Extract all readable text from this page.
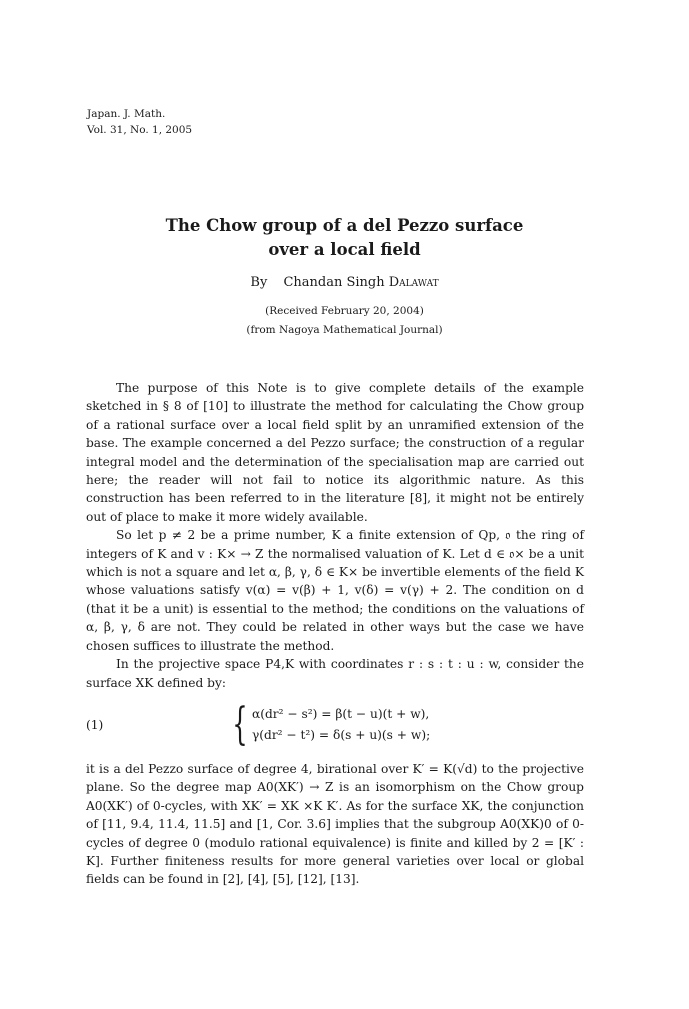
Japan. J. Math.
Vol. 31, No. 1, 2005
The Chow group of a del Pezzo surface
over a local field
By Chandan Singh Dalawat
(Received February 20, 2004)
(from Nagoya Mathematical Journal)

The purpose of this Note is to give complete details of the example sketched in § 8 of [10] to illustrate the method for calculating the Chow group of a rational surface over a local field split by an unramified extension of the base. The example concerned a del Pezzo surface; the construction of a regular integral model and the determination of the specialisation map are carried out here; the reader will not fail to notice its algorithmic nature. As this construction has been referred to in the literature [8], it might not be entirely out of place to make it more widely available.

So let p ≠ 2 be a prime number, K a finite extension of Qp, 𝔬 the ring of integers of K and v : K× → Z the normalised valuation of K. Let d ∈ 𝔬× be a unit which is not a square and let α, β, γ, δ ∈ K× be invertible elements of the field K whose valuations satisfy v(α) = v(β) + 1, v(δ) = v(γ) + 2. The condition on d (that it be a unit) is essential to the method; the conditions on the valuations of α, β, γ, δ are not. They could be related in other ways but the case we have chosen suffices to illustrate the method.

In the projective space P4,K with coordinates r : s : t : u : w, consider the surface XK defined by:

(1)	{ α(dr² − s²) = β(t − u)(t + w),
γ(dr² − t²) = δ(s + u)(s + w);

it is a del Pezzo surface of degree 4, birational over K′ = K(√d) to the projective plane. So the degree map A0(XK′) → Z is an isomorphism on the Chow group A0(XK′) of 0-cycles, with XK′ = XK ×K K′. As for the surface XK, the conjunction of [11, 9.4, 11.4, 11.5] and [1, Cor. 3.6] implies that the subgroup A0(XK)0 of 0-cycles of degree 0 (modulo rational equivalence) is finite and killed by 2 = [K′ : K]. Further finiteness results for more general varieties over local or global fields can be found in [2], [4], [5], [12], [13].
